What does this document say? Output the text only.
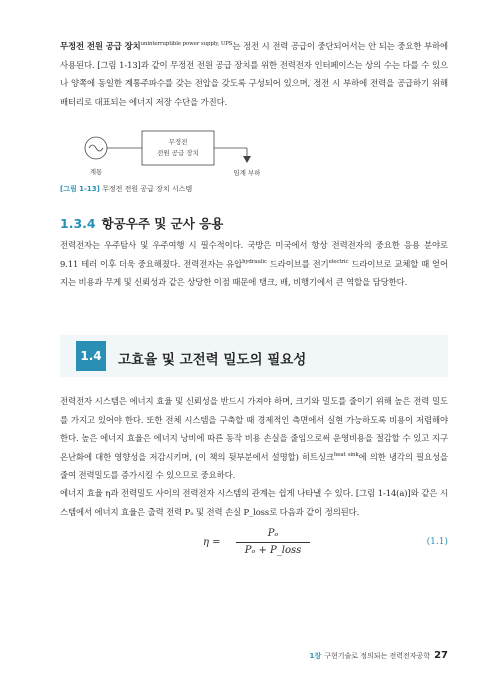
무정전 전원 공급 장치$^{uninterruptible power supply, UPS}$는 정전 시 전력 공급이 중단되어서는 안 되는 중요한 부하에 사용된다. [그림 1-13]과 같이 무정전 전원 공급 장치를 위한 전력전자 인터페이스는 상의 수는 다를 수 있으나 양쪽에 동일한 계통주파수를 갖는 전압을 갖도록 구성되어 있으며, 정전 시 부하에 전력을 공급하기 위해 배터리로 대표되는 에너지 저장 수단을 가진다.

계통
무정전
전원 공급 장치
임계 부하
[그림 1-13] 무정전 전원 공급 장치 시스템
1.3.4 항공우주 및 군사 응용

전력전자는 우주탐사 및 우주여행 시 필수적이다. 국방은 미국에서 항상 전력전자의 중요한 응용 분야로 9.11 테러 이후 더욱 중요해졌다. 전력전자는 유압$^{hydraulic}$ 드라이브를 전기$^{electric}$ 드라이브로 교체할 때 얻어지는 비용과 무게 및 신뢰성과 같은 상당한 이점 때문에 탱크, 배, 비행기에서 큰 역할을 담당한다.

1.4	고효율 및 고전력 밀도의 필요성

전력전자 시스템은 에너지 효율 및 신뢰성을 반드시 가져야 하며, 크기와 밀도를 줄이기 위해 높은 전력 밀도를 가지고 있어야 한다. 또한 전체 시스템을 구축할 때 경제적인 측면에서 실현 가능하도록 비용이 저렴해야 한다. 높은 에너지 효율은 에너지 낭비에 따른 동작 비용 손실을 줄임으로써 운영비용을 절감할 수 있고 지구 온난화에 대한 영향성을 저감시키며, (이 책의 뒷부분에서 설명할) 히트싱크$^{heat sink}$에 의한 냉각의 필요성을 줄여 전력밀도를 증가시킬 수 있으므로 중요하다.

에너지 효율 η과 전력밀도 사이의 전력전자 시스템의 관계는 쉽게 나타낼 수 있다. [그림 1-14(a)]와 같은 시스템에서 에너지 효율은 출력 전력 Pₒ 및 전력 손실 P_loss로 다음과 같이 정의된다.

η =
Pₒ
Pₒ + P_loss
(1.1)
1장 구현기술로 정의되는 전력전자공학 27
